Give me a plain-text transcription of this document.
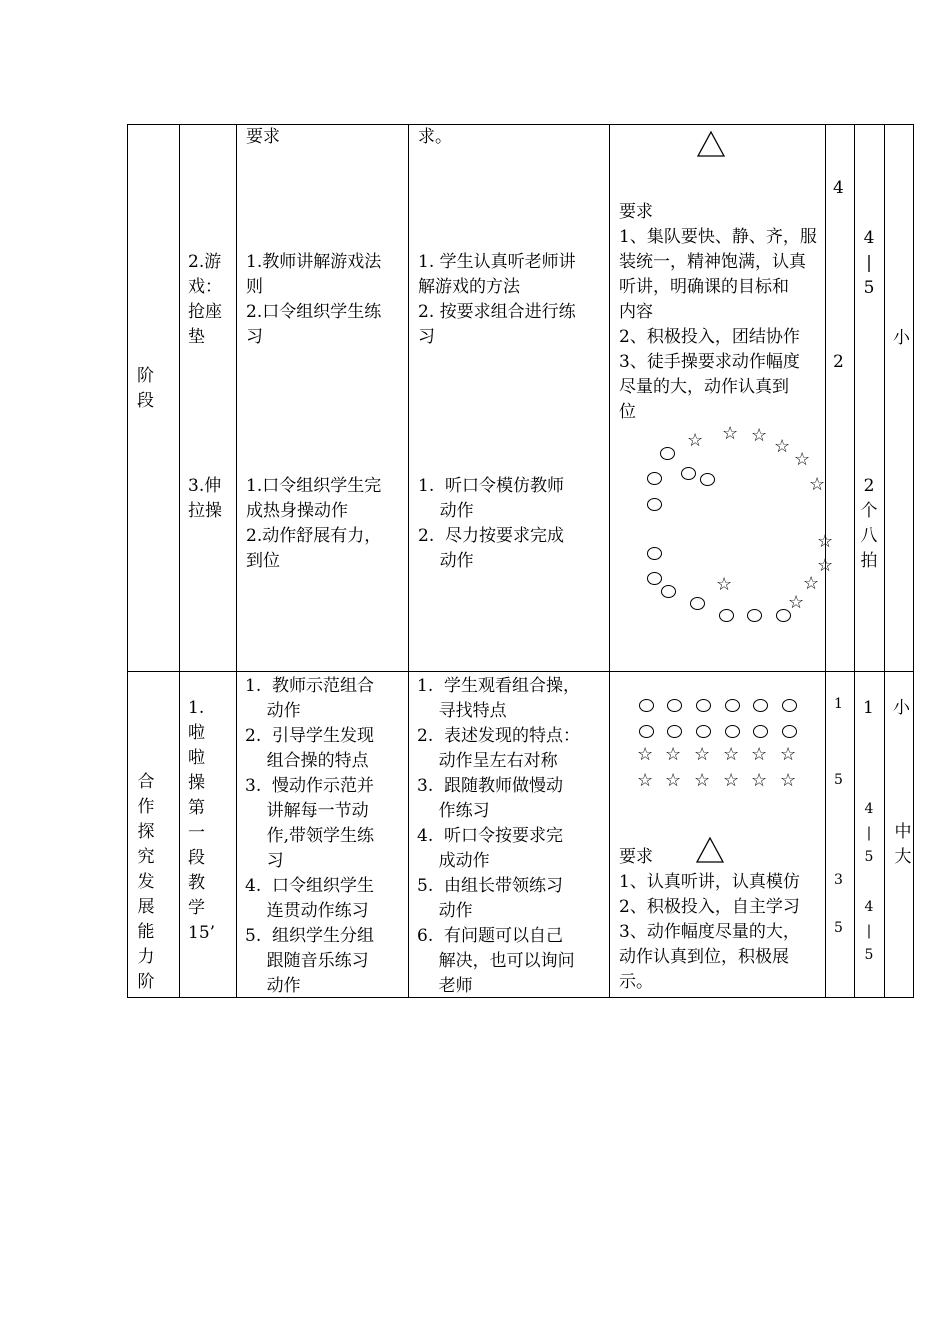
阶
段
2.游
戏：
抢座
垫
3.伸
拉操
要求
1.教师讲解游戏法
则
2.口令组织学生练
习
1.口令组织学生完
成热身操动作
2.动作舒展有力，
到位
求。
1. 学生认真听老师讲
解游戏的方法
2. 按要求组合进行练
习
1.  听口令模仿教师
动作
2.  尽力按要求完成
动作
要求
1、集队要快、静、齐，服
装统一，精神饱满，认真
听讲，明确课的目标和
内容
2、积极投入，团结协作
3、徒手操要求动作幅度
尽量的大，动作认真到
位
☆ ☆ ☆
☆
☆
☆
☆
☆
☆
☆
☆
4
2
4
|
5
2
个
八
拍
小
合
作
探
究
发
展
能
力
阶
1.
啦
啦
操
第
一
段
教
学
15’
1.  教师示范组合
动作
2.  引导学生发现
组合操的特点
3.  慢动作示范并
讲解每一节动
作,带领学生练
习
4.  口令组织学生
连贯动作练习
5.  组织学生分组
跟随音乐练习
动作
1.  学生观看组合操，
寻找特点
2.  表述发现的特点：
动作呈左右对称
3.  跟随教师做慢动
作练习
4.  听口令按要求完
成动作
5.  由组长带领练习
动作
6.  有问题可以自己
解决，也可以询问
老师
☆ ☆ ☆ ☆ ☆ ☆
☆ ☆ ☆ ☆ ☆ ☆
要求
1、认真听讲，认真模仿
2、积极投入，自主学习
3、动作幅度尽量的大，
动作认真到位，积极展
示。
1
5
3
5
1
4
|
5
4
|
5
小
中大
